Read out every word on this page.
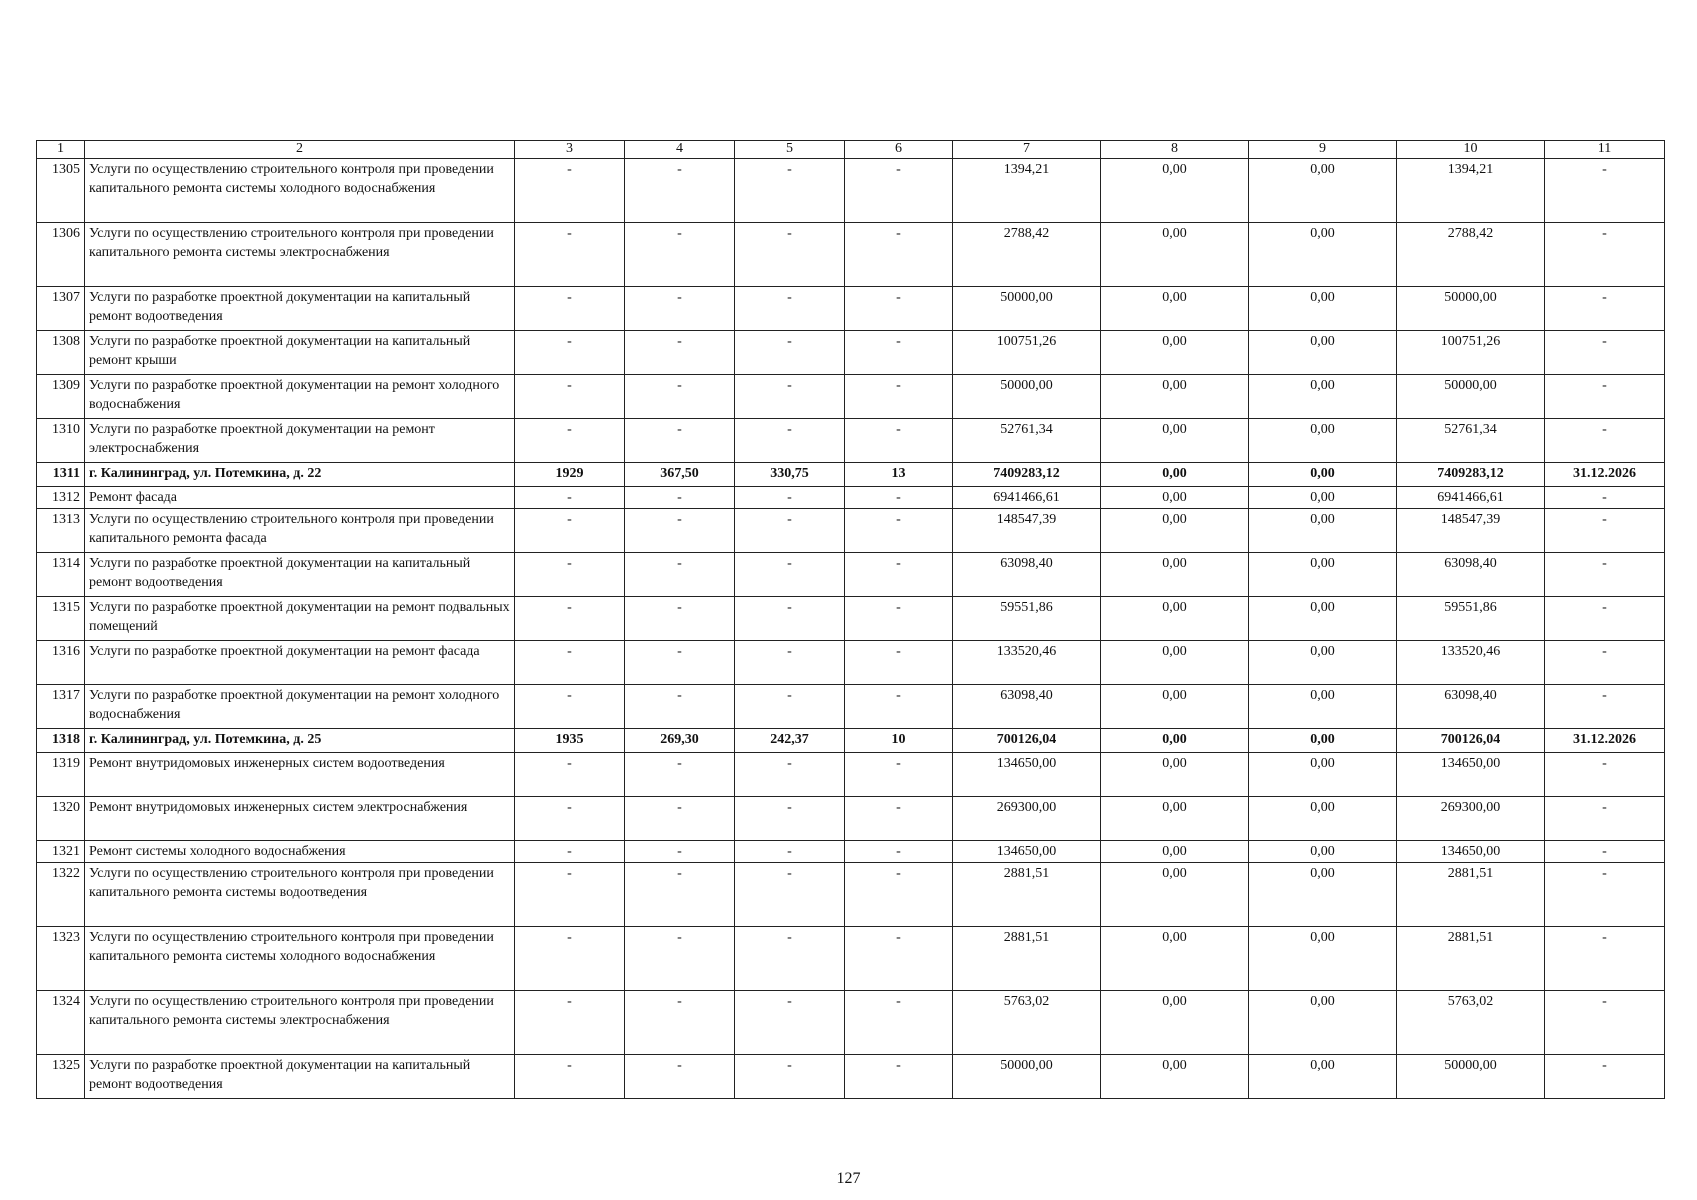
1	2	3	4	5	6	7	8	9	10	11
1305	Услуги по осуществлению строительного контроля при проведении капитального ремонта системы холодного водоснабжения	-	-	-	-	1394,21	0,00	0,00	1394,21	-
1306	Услуги по осуществлению строительного контроля при проведении капитального ремонта системы электроснабжения	-	-	-	-	2788,42	0,00	0,00	2788,42	-
1307	Услуги по разработке проектной документации на капитальный ремонт водоотведения	-	-	-	-	50000,00	0,00	0,00	50000,00	-
1308	Услуги по разработке проектной документации на капитальный ремонт крыши	-	-	-	-	100751,26	0,00	0,00	100751,26	-
1309	Услуги по разработке проектной документации на ремонт холодного водоснабжения	-	-	-	-	50000,00	0,00	0,00	50000,00	-
1310	Услуги по разработке проектной документации на ремонт электроснабжения	-	-	-	-	52761,34	0,00	0,00	52761,34	-
1311	г. Калининград, ул. Потемкина, д. 22	1929	367,50	330,75	13	7409283,12	0,00	0,00	7409283,12	31.12.2026
1312	Ремонт фасада	-	-	-	-	6941466,61	0,00	0,00	6941466,61	-
1313	Услуги по осуществлению строительного контроля при проведении капитального ремонта фасада	-	-	-	-	148547,39	0,00	0,00	148547,39	-
1314	Услуги по разработке проектной документации на капитальный ремонт водоотведения	-	-	-	-	63098,40	0,00	0,00	63098,40	-
1315	Услуги по разработке проектной документации на ремонт подвальных помещений	-	-	-	-	59551,86	0,00	0,00	59551,86	-
1316	Услуги по разработке проектной документации на ремонт фасада	-	-	-	-	133520,46	0,00	0,00	133520,46	-
1317	Услуги по разработке проектной документации на ремонт холодного водоснабжения	-	-	-	-	63098,40	0,00	0,00	63098,40	-
1318	г. Калининград, ул. Потемкина, д. 25	1935	269,30	242,37	10	700126,04	0,00	0,00	700126,04	31.12.2026
1319	Ремонт внутридомовых инженерных систем водоотведения	-	-	-	-	134650,00	0,00	0,00	134650,00	-
1320	Ремонт внутридомовых инженерных систем электроснабжения	-	-	-	-	269300,00	0,00	0,00	269300,00	-
1321	Ремонт системы холодного водоснабжения	-	-	-	-	134650,00	0,00	0,00	134650,00	-
1322	Услуги по осуществлению строительного контроля при проведении капитального ремонта системы водоотведения	-	-	-	-	2881,51	0,00	0,00	2881,51	-
1323	Услуги по осуществлению строительного контроля при проведении капитального ремонта системы холодного водоснабжения	-	-	-	-	2881,51	0,00	0,00	2881,51	-
1324	Услуги по осуществлению строительного контроля при проведении капитального ремонта системы электроснабжения	-	-	-	-	5763,02	0,00	0,00	5763,02	-
1325	Услуги по разработке проектной документации на капитальный ремонт водоотведения	-	-	-	-	50000,00	0,00	0,00	50000,00	-
127
